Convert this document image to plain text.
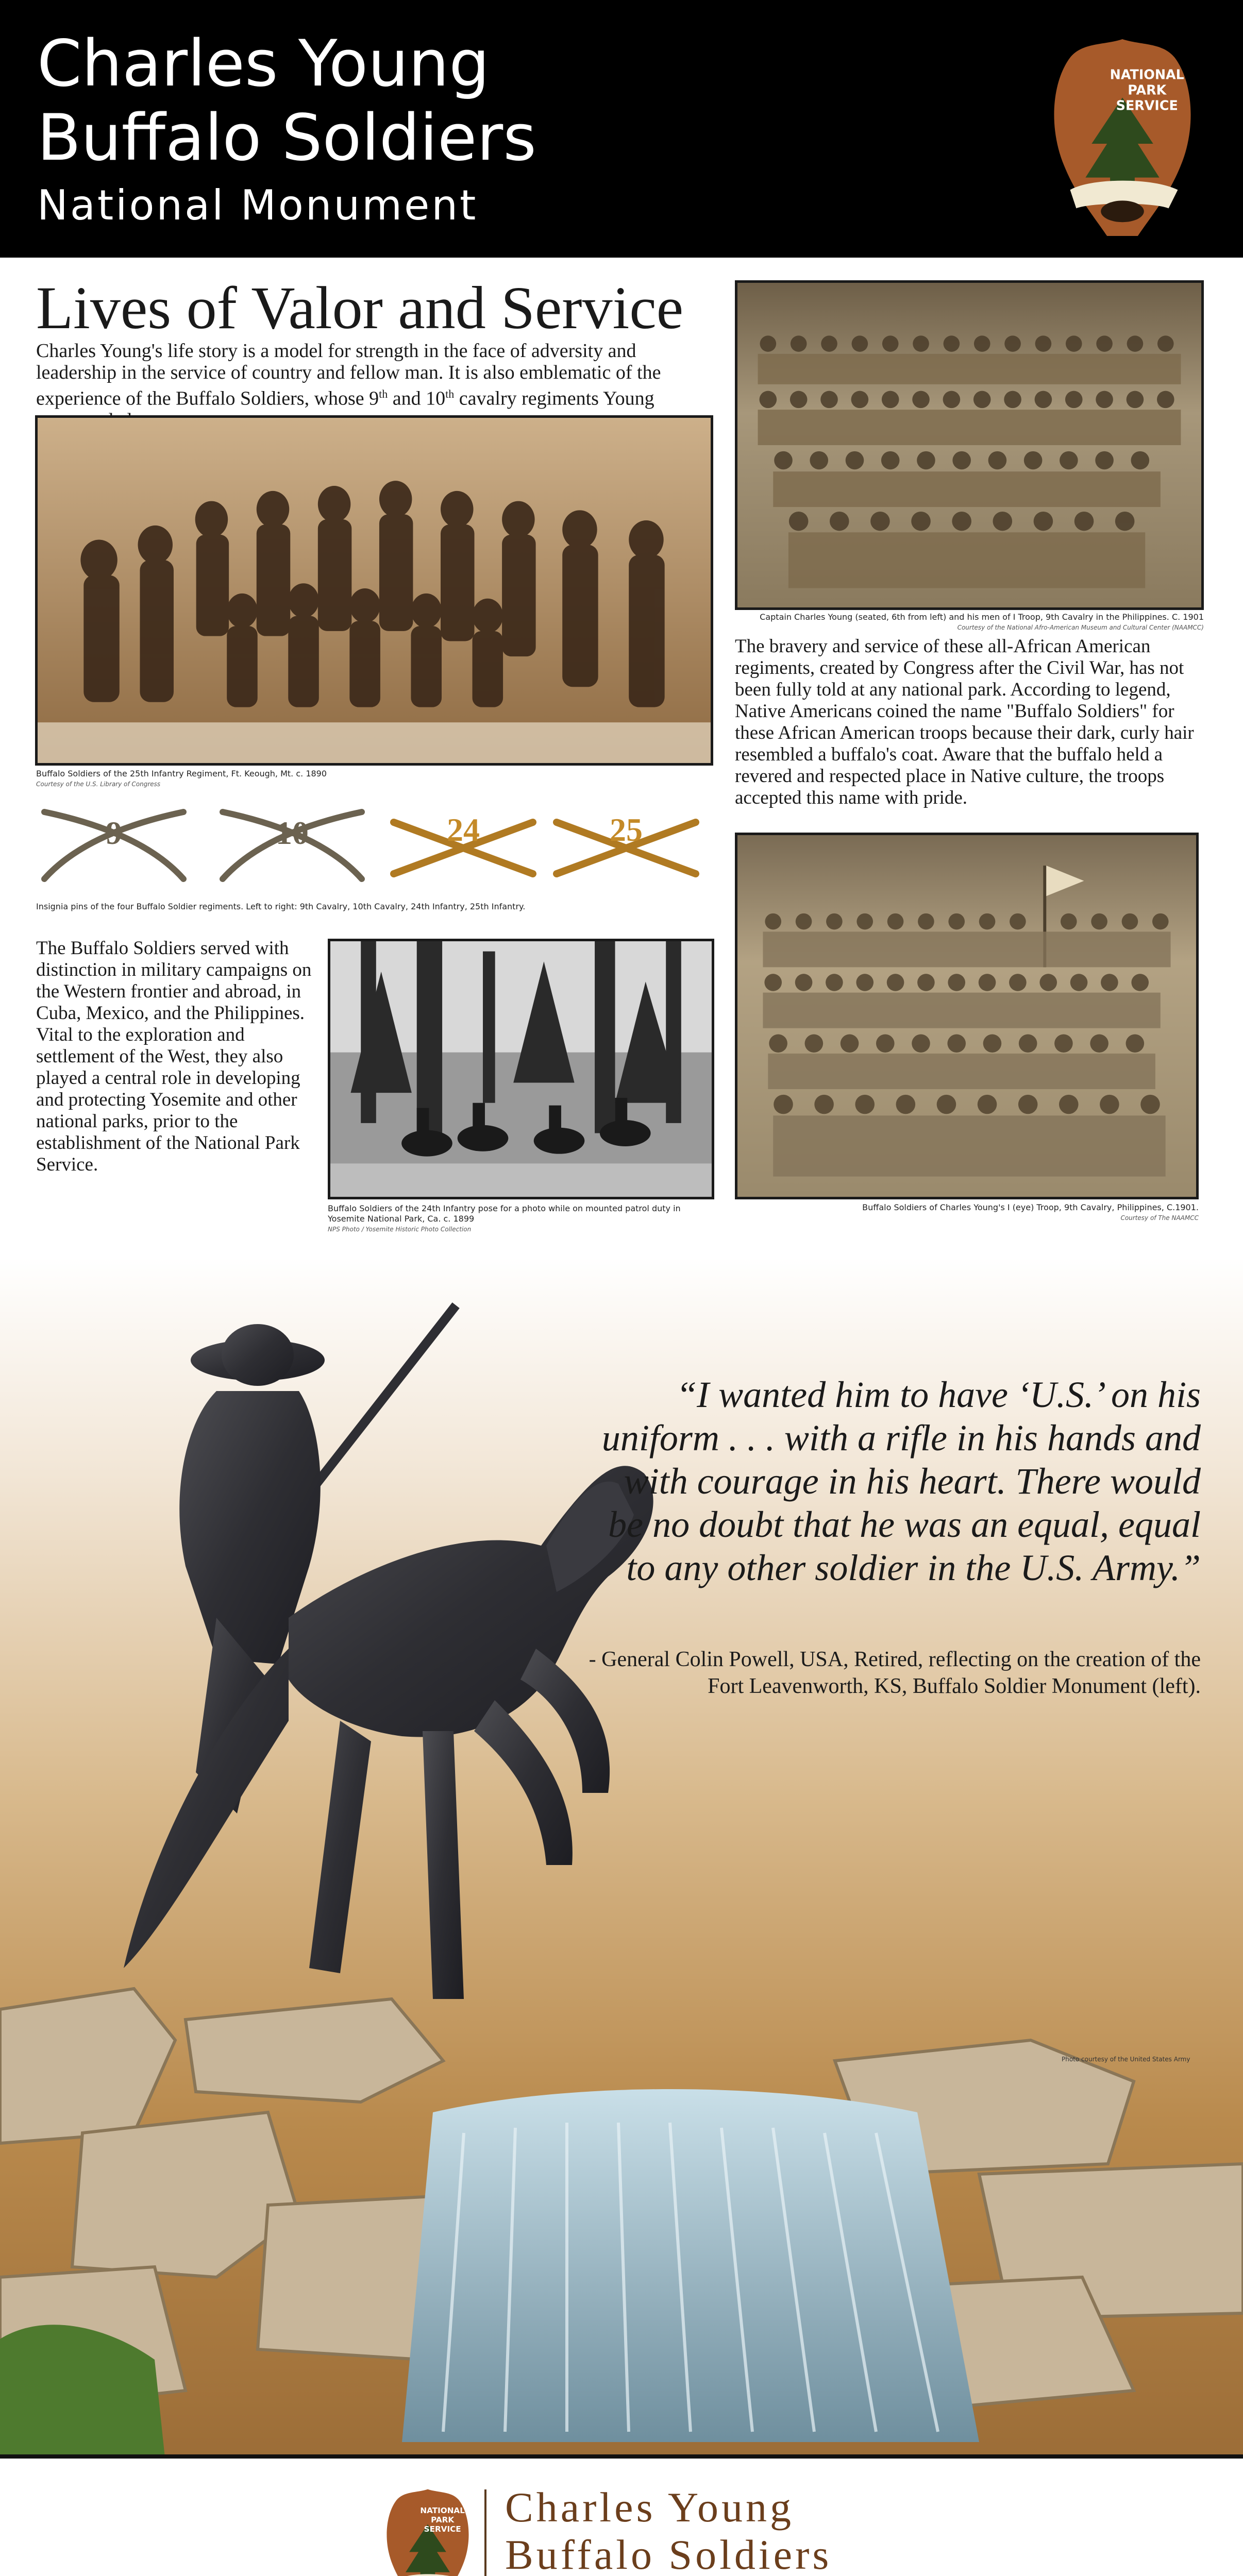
Charles Young
Buffalo Soldiers
National Monument
NATIONAL
PARK
SERVICE
Lives of Valor and Service
Charles Young's life story is a model for strength in the face of adversity and leadership in the service of country and fellow man. It is also emblematic of the experience of the Buffalo Soldiers, whose 9th and 10th cavalry regiments Young
Buffalo Soldiers of the 25th Infantry Regiment, Ft. Keough, Mt. c. 1890
Courtesy of the U.S. Library of Congress
Captain Charles Young (seated, 6th from left) and his men of I Troop, 9th Cavalry in the Philippines. C. 1901
Courtesy of the National Afro-American Museum and Cultural Center (NAAMCC)
The bravery and service of these all-African American regiments, created by Congress after the Civil War, has not been fully told at any national park. According to legend, Native Americans coined the name "Buffalo Soldiers" for these African American troops because their dark, curly hair resembled a buffalo's coat. Aware that the buffalo held a revered and respected place in Native culture, the troops accepted this name with pride.
9	10	24	25
Insignia pins of the four Buffalo Soldier regiments. Left to right: 9th Cavalry, 10th Cavalry, 24th Infantry, 25th Infantry.
The Buffalo Soldiers served with distinction in military campaigns on the Western frontier and abroad, in Cuba, Mexico, and the Philippines. Vital to the exploration and settlement of the West, they also played a central role in developing and protecting Yosemite and other national parks, prior to the establishment of the National Park Service.
Buffalo Soldiers of the 24th Infantry pose for a photo while on mounted patrol duty in Yosemite National Park, Ca. c. 1899
NPS Photo / Yosemite Historic Photo Collection
Buffalo Soldiers of Charles Young's I (eye) Troop, 9th Cavalry, Philippines, C.1901.
Courtesy of The NAAMCC
“I wanted him to have ‘U.S.’ on his uniform . . . with a rifle in his hands and with courage in his heart. There would be no doubt that he was an equal, equal to any other soldier in the U.S. Army.”
- General Colin Powell, USA, Retired, reflecting on the creation of the Fort Leavenworth, KS, Buffalo Soldier Monument (left).
Photo courtesy of the United States Army
NATIONAL
PARK
SERVICE Charles Young
Buffalo Soldiers
